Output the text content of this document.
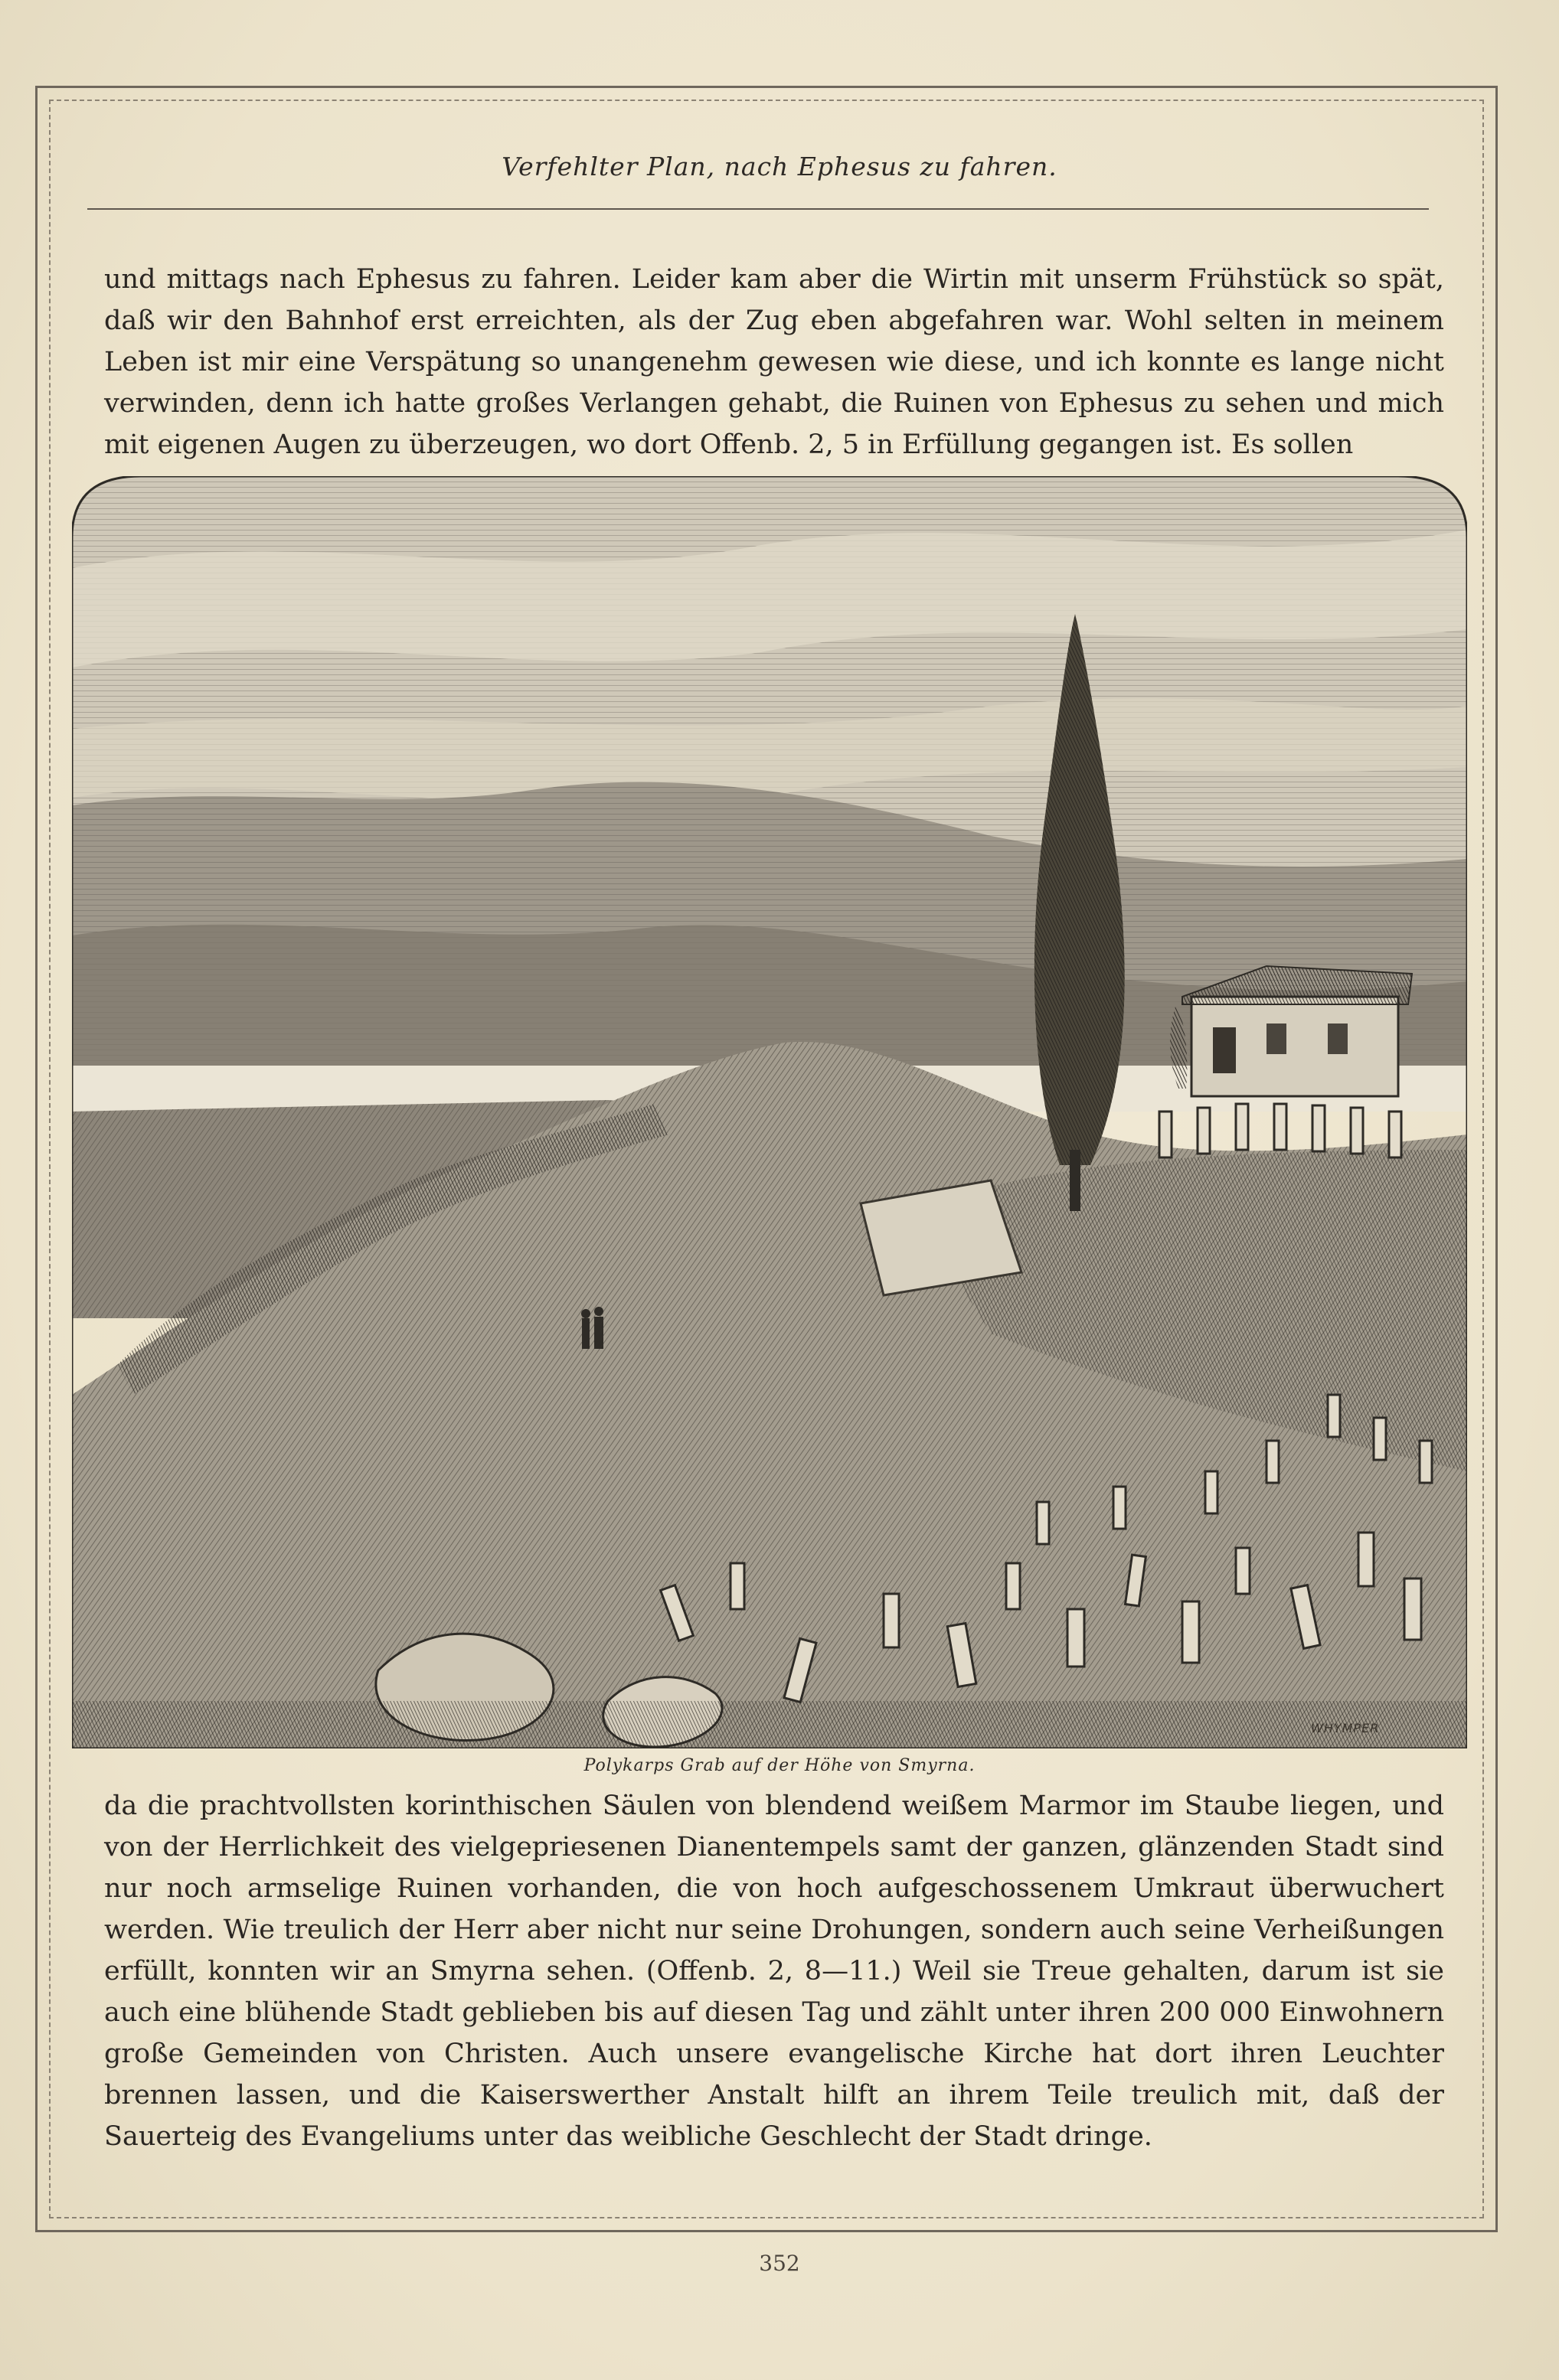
Verfehlter Plan, nach Ephesus zu fahren.

und mittags nach Ephesus zu fahren. Leider kam aber die Wirtin mit unserm Frühstück so spät, daß wir den Bahnhof erst erreichten, als der Zug eben abgefahren war. Wohl selten in meinem Leben ist mir eine Verspätung so unangenehm gewesen wie diese, und ich konnte es lange nicht verwinden, denn ich hatte großes Verlangen gehabt, die Ruinen von Ephesus zu sehen und mich mit eigenen Augen zu überzeugen, wo dort Offenb. 2, 5 in Erfüllung gegangen ist. Es sollen

WHYMPER
Polykarps Grab auf der Höhe von Smyrna.

da die prachtvollsten korinthischen Säulen von blendend weißem Marmor im Staube liegen, und von der Herrlichkeit des vielgepriesenen Dianentempels samt der ganzen, glänzenden Stadt sind nur noch armselige Ruinen vorhanden, die von hoch aufgeschossenem Umkraut überwuchert werden. Wie treulich der Herr aber nicht nur seine Drohungen, sondern auch seine Verheißungen erfüllt, konnten wir an Smyrna sehen. (Offenb. 2, 8—11.) Weil sie Treue gehalten, darum ist sie auch eine blühende Stadt geblieben bis auf diesen Tag und zählt unter ihren 200 000 Einwohnern große Gemeinden von Christen. Auch unsere evangelische Kirche hat dort ihren Leuchter brennen lassen, und die Kaiserswerther Anstalt hilft an ihrem Teile treulich mit, daß der Sauerteig des Evangeliums unter das weibliche Geschlecht der Stadt dringe.

352
